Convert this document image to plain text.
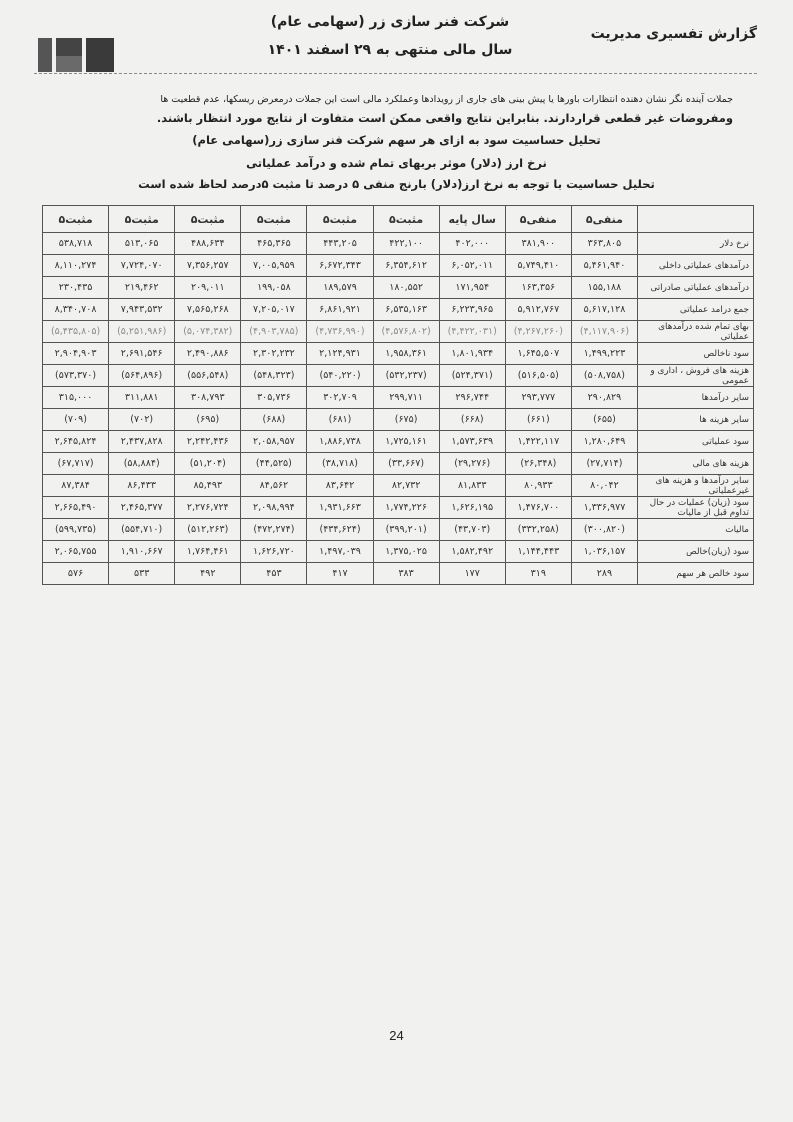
شرکت فنر سازی زر (سهامی عام)
سال مالی منتهی به ۲۹ اسفند ۱۴۰۱
گزارش تفسیری مدیریت

جملات آینده نگر نشان دهنده انتظارات باورها یا پیش بینی های جاری از رویدادها وعملکرد مالی است این جملات درمعرض ریسکها، عدم قطعیت ها

ومفروضات غیر قطعی قراردارند. بنابراین نتایج واقعی ممکن است متفاوت از نتایج مورد انتظار باشند.

تحلیل حساسیت سود به ازای هر سهم شرکت فنر سازی زر(سهامی عام)

نرخ ارز (دلار) موثر بربهای تمام شده و درآمد عملیاتی

تحلیل حساسیت با توجه به نرخ ارز(دلار) بارنج منفی ۵ درصد تا مثبت ۵درصد لحاظ شده است

	منفی۵	منفی۵	سال پایه	مثبت۵	مثبت۵	مثبت۵	مثبت۵	مثبت۵	مثبت۵
نرخ دلار	۳۶۳,۸۰۵	۳۸۱,۹۰۰	۴۰۲,۰۰۰	۴۲۲,۱۰۰	۴۴۳,۲۰۵	۴۶۵,۳۶۵	۴۸۸,۶۳۴	۵۱۳,۰۶۵	۵۳۸,۷۱۸
درآمدهای عملیاتی داخلی	۵,۴۶۱,۹۴۰	۵,۷۴۹,۴۱۰	۶,۰۵۲,۰۱۱	۶,۳۵۴,۶۱۲	۶,۶۷۲,۳۴۳	۷,۰۰۵,۹۵۹	۷,۳۵۶,۲۵۷	۷,۷۲۴,۰۷۰	۸,۱۱۰,۲۷۴
درآمدهای عملیاتی صادراتی	۱۵۵,۱۸۸	۱۶۳,۳۵۶	۱۷۱,۹۵۴	۱۸۰,۵۵۲	۱۸۹,۵۷۹	۱۹۹,۰۵۸	۲۰۹,۰۱۱	۲۱۹,۴۶۲	۲۳۰,۴۳۵
جمع درامد عملیاتی	۵,۶۱۷,۱۲۸	۵,۹۱۲,۷۶۷	۶,۲۲۳,۹۶۵	۶,۵۳۵,۱۶۳	۶,۸۶۱,۹۲۱	۷,۲۰۵,۰۱۷	۷,۵۶۵,۲۶۸	۷,۹۴۳,۵۳۲	۸,۳۴۰,۷۰۸
بهای تمام شده درآمدهای عملیاتی	(۴,۱۱۷,۹۰۶)	(۴,۲۶۷,۲۶۰)	(۴,۴۲۲,۰۳۱)	(۴,۵۷۶,۸۰۲)	(۴,۷۳۶,۹۹۰)	(۴,۹۰۳,۷۸۵)	(۵,۰۷۴,۳۸۲)	(۵,۲۵۱,۹۸۶)	(۵,۴۳۵,۸۰۵)
سود ناخالص	۱,۴۹۹,۲۲۳	۱,۶۴۵,۵۰۷	۱,۸۰۱,۹۳۴	۱,۹۵۸,۳۶۱	۲,۱۲۴,۹۳۱	۲,۳۰۲,۲۳۲	۲,۴۹۰,۸۸۶	۲,۶۹۱,۵۴۶	۲,۹۰۴,۹۰۳
هزینه های فروش ، اداری و عمومی	(۵۰۸,۷۵۸)	(۵۱۶,۵۰۵)	(۵۲۴,۳۷۱)	(۵۳۲,۲۳۷)	(۵۴۰,۲۲۰)	(۵۴۸,۳۲۳)	(۵۵۶,۵۴۸)	(۵۶۴,۸۹۶)	(۵۷۳,۳۷۰)
سایر درآمدها	۲۹۰,۸۲۹	۲۹۳,۷۷۷	۲۹۶,۷۴۴	۲۹۹,۷۱۱	۳۰۲,۷۰۹	۳۰۵,۷۳۶	۳۰۸,۷۹۳	۳۱۱,۸۸۱	۳۱۵,۰۰۰
سایر هزینه ها	(۶۵۵)	(۶۶۱)	(۶۶۸)	(۶۷۵)	(۶۸۱)	(۶۸۸)	(۶۹۵)	(۷۰۲)	(۷۰۹)
سود عملیاتی	۱,۲۸۰,۶۴۹	۱,۴۲۲,۱۱۷	۱,۵۷۳,۶۳۹	۱,۷۲۵,۱۶۱	۱,۸۸۶,۷۳۸	۲,۰۵۸,۹۵۷	۲,۲۴۲,۴۳۶	۲,۴۳۷,۸۲۸	۲,۶۴۵,۸۲۴
هزینه های مالی	(۲۷,۷۱۴)	(۲۶,۳۴۸)	(۲۹,۲۷۶)	(۳۳,۶۶۷)	(۳۸,۷۱۸)	(۴۴,۵۲۵)	(۵۱,۲۰۴)	(۵۸,۸۸۴)	(۶۷,۷۱۷)
سایر درآمدها و هزینه های غیرعملیاتی	۸۰,۰۴۲	۸۰,۹۳۳	۸۱,۸۳۳	۸۲,۷۳۲	۸۳,۶۴۲	۸۴,۵۶۲	۸۵,۴۹۳	۸۶,۴۳۳	۸۷,۳۸۴
سود (زیان) عملیات در حال تداوم قبل از مالیات	۱,۳۳۶,۹۷۷	۱,۴۷۶,۷۰۰	۱,۶۲۶,۱۹۵	۱,۷۷۴,۲۲۶	۱,۹۳۱,۶۶۳	۲,۰۹۸,۹۹۴	۲,۲۷۶,۷۲۴	۲,۴۶۵,۳۷۷	۲,۶۶۵,۴۹۰
مالیات	(۳۰۰,۸۲۰)	(۳۳۲,۲۵۸)	(۴۳,۷۰۳)	(۳۹۹,۲۰۱)	(۴۳۴,۶۲۴)	(۴۷۲,۲۷۴)	(۵۱۲,۲۶۳)	(۵۵۴,۷۱۰)	(۵۹۹,۷۳۵)
سود (زیان)خالص	۱,۰۳۶,۱۵۷	۱,۱۴۴,۴۴۳	۱,۵۸۲,۴۹۲	۱,۳۷۵,۰۲۵	۱,۴۹۷,۰۳۹	۱,۶۲۶,۷۲۰	۱,۷۶۴,۴۶۱	۱,۹۱۰,۶۶۷	۲,۰۶۵,۷۵۵
سود خالص هر سهم	۲۸۹	۳۱۹	۱۷۷	۳۸۳	۴۱۷	۴۵۳	۴۹۲	۵۳۳	۵۷۶
24
